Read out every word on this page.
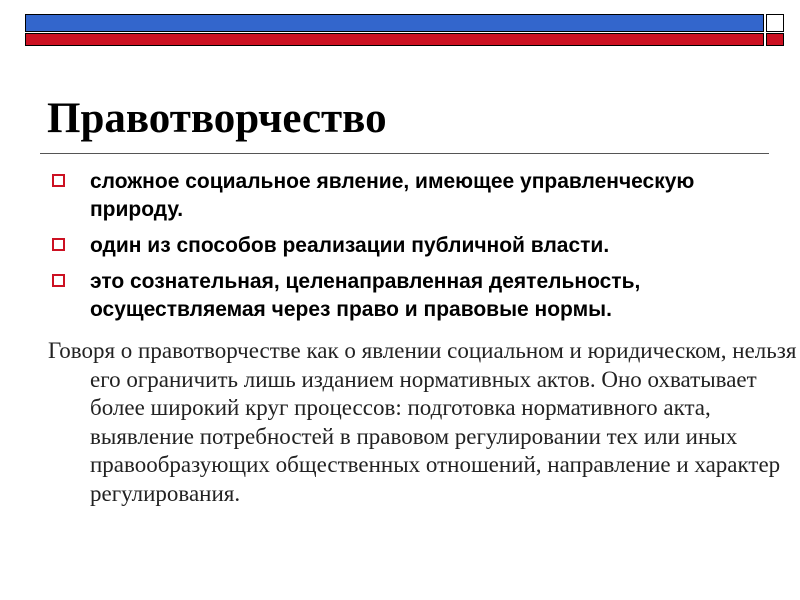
Правотворчество
сложное социальное явление, имеющее управленческую природу.
один из способов реализации публичной власти.
это сознательная, целенаправленная деятельность, осуществляемая через право и правовые нормы.

Говоря о правотворчестве как о явлении социальном и юридическом, нельзя его ограничить лишь изданием нормативных актов. Оно охватывает более широкий круг процессов: подготовка нормативного акта, выявление потребностей в правовом регулировании тех или иных правообразующих общественных отношений, направление и характер регулирования.
